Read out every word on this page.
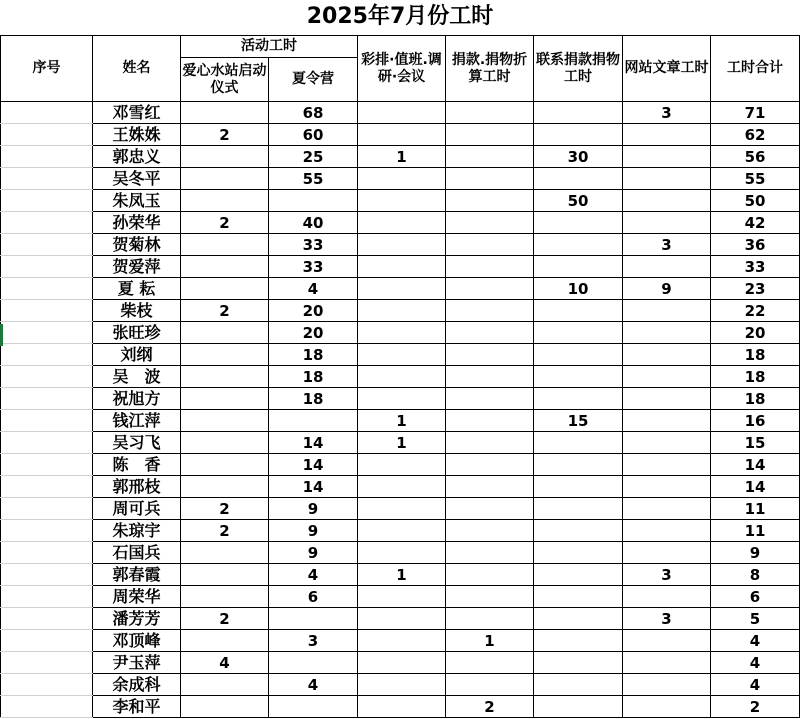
2025年7月份工时
序号	姓名	活动工时		彩排·值班.调研·会议	捐款.捐物折算工时	联系捐款捐物工时	网站文章工时	工时合计
		爱心水站启动仪式	夏令营					
	邓雪红		68				3	71
	王姝姝	2	60					62
	郭忠义		25	1		30		56
	吴冬平		55					55
	朱凤玉					50		50
	孙荣华	2	40					42
	贺菊林		33				3	36
	贺爱萍		33					33
	夏 耘		4			10	9	23
	柴枝	2	20					22
	张旺珍		20					20
	刘纲		18					18
	吴　波		18					18
	祝旭方		18					18
	钱江萍			1		15		16
	吴习飞		14	1				15
	陈　香		14					14
	郭邢枝		14					14
	周可兵	2	9					11
	朱琼宇	2	9					11
	石国兵		9					9
	郭春霞		4	1			3	8
	周荣华		6					6
	潘芳芳	2					3	5
	邓顶峰		3		1			4
	尹玉萍	4						4
	余成科		4					4
	李和平				2			2
